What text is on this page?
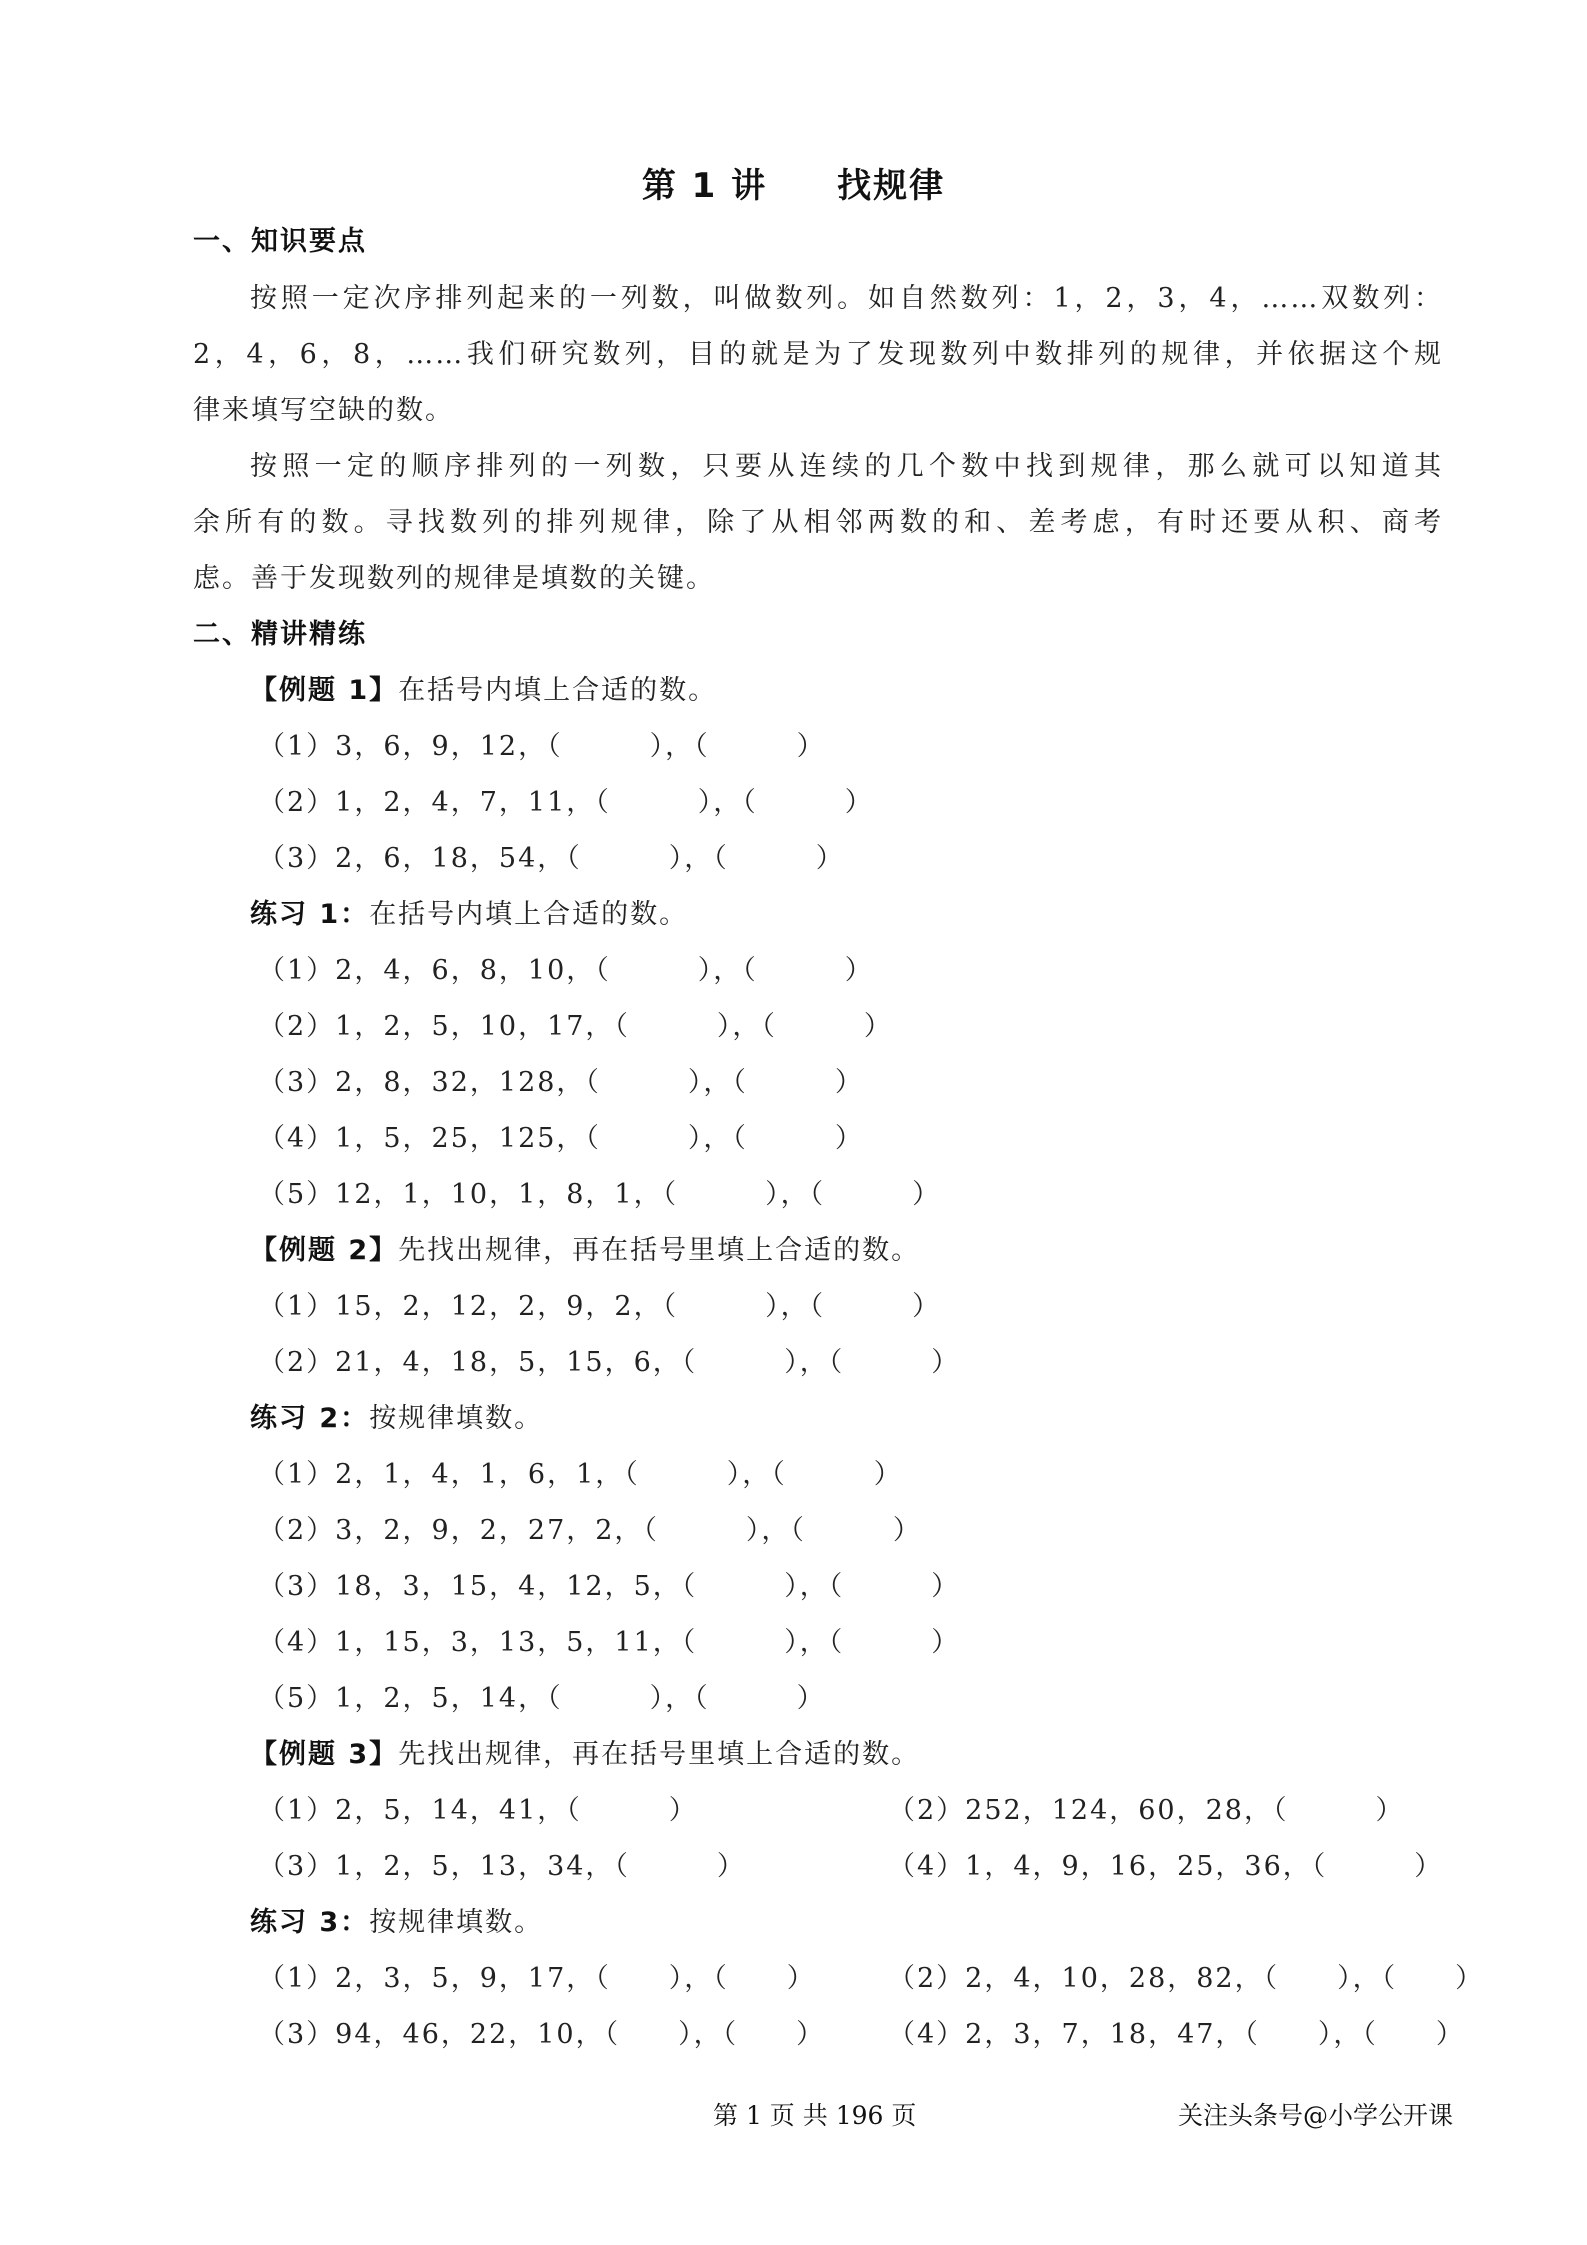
第 1 讲 找规律
一、知识要点
按照一定次序排列起来的一列数，叫做数列。如自然数列：1，2，3，4，……双数列：
2，4，6，8，……我们研究数列，目的就是为了发现数列中数排列的规律，并依据这个规
律来填写空缺的数。
按照一定的顺序排列的一列数，只要从连续的几个数中找到规律，那么就可以知道其
余所有的数。寻找数列的排列规律，除了从相邻两数的和、差考虑，有时还要从积、商考
虑。善于发现数列的规律是填数的关键。
二、精讲精练
【例题 1】在括号内填上合适的数。
（1）3，6，9，12，（　　　），（　　　）
（2）1，2，4，7，11，（　　　），（　　　）
（3）2，6，18，54，（　　　），（　　　）
练习 1：在括号内填上合适的数。
（1）2，4，6，8，10，（　　　），（　　　）
（2）1，2，5，10，17，（　　　），（　　　）
（3）2，8，32，128，（　　　），（　　　）
（4）1，5，25，125，（　　　），（　　　）
（5）12，1，10，1，8，1，（　　　），（　　　）
【例题 2】先找出规律，再在括号里填上合适的数。
（1）15，2，12，2，9，2，（　　　），（　　　）
（2）21，4，18，5，15，6，（　　　），（　　　）
练习 2：按规律填数。
（1）2，1，4，1，6，1，（　　　），（　　　）
（2）3，2，9，2，27，2，（　　　），（　　　）
（3）18，3，15，4，12，5，（　　　），（　　　）
（4）1，15，3，13，5，11，（　　　），（　　　）
（5）1，2，5，14，（　　　），（　　　）
【例题 3】先找出规律，再在括号里填上合适的数。
（1）2，5，14，41，（　　　）	（2）252，124，60，28，（　　　）
（3）1，2，5，13，34，（　　　）	（4）1，4，9，16，25，36，（　　　）
练习 3：按规律填数。
（1）2，3，5，9，17，（　　），（　　）	（2）2，4，10，28，82，（　　），（　　）
（3）94，46，22，10，（　　），（　　） （4）2，3，7，18，47，（　　），（　　）
第 1 页 共 196 页	关注头条号@小学公开课
